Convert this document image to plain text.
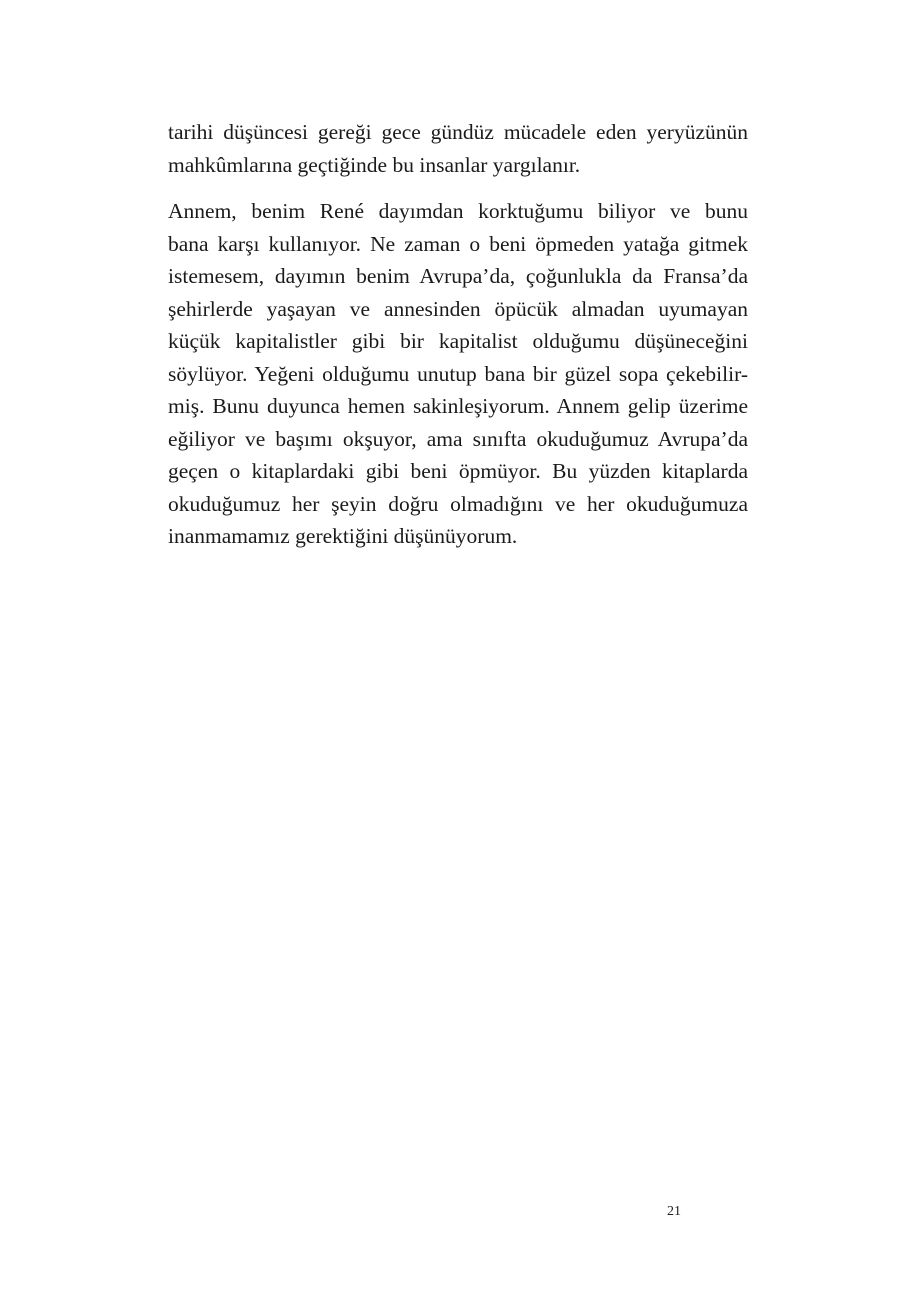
tarihi düşüncesi gereği gece gündüz mücadele eden yeryüzünün
mahkûmlarına geçtiğinde bu insanlar yargılanır.

Annem, benim René dayımdan korktuğumu biliyor ve bunu
bana karşı kullanıyor. Ne zaman o beni öpmeden yatağa gitmek
istemesem, dayımın benim Avrupa’da, çoğunlukla da Fransa’da
şehirlerde yaşayan ve annesinden öpücük almadan uyumayan
küçük kapitalistler gibi bir kapitalist olduğumu düşüneceğini
söylüyor. Yeğeni olduğumu unutup bana bir güzel sopa çekebilir-
miş. Bunu duyunca hemen sakinleşiyorum. Annem gelip üzerime
eğiliyor ve başımı okşuyor, ama sınıfta okuduğumuz Avrupa’da
geçen o kitaplardaki gibi beni öpmüyor. Bu yüzden kitaplarda
okuduğumuz her şeyin doğru olmadığını ve her okuduğumuza
inanmamamız gerektiğini düşünüyorum.

21
